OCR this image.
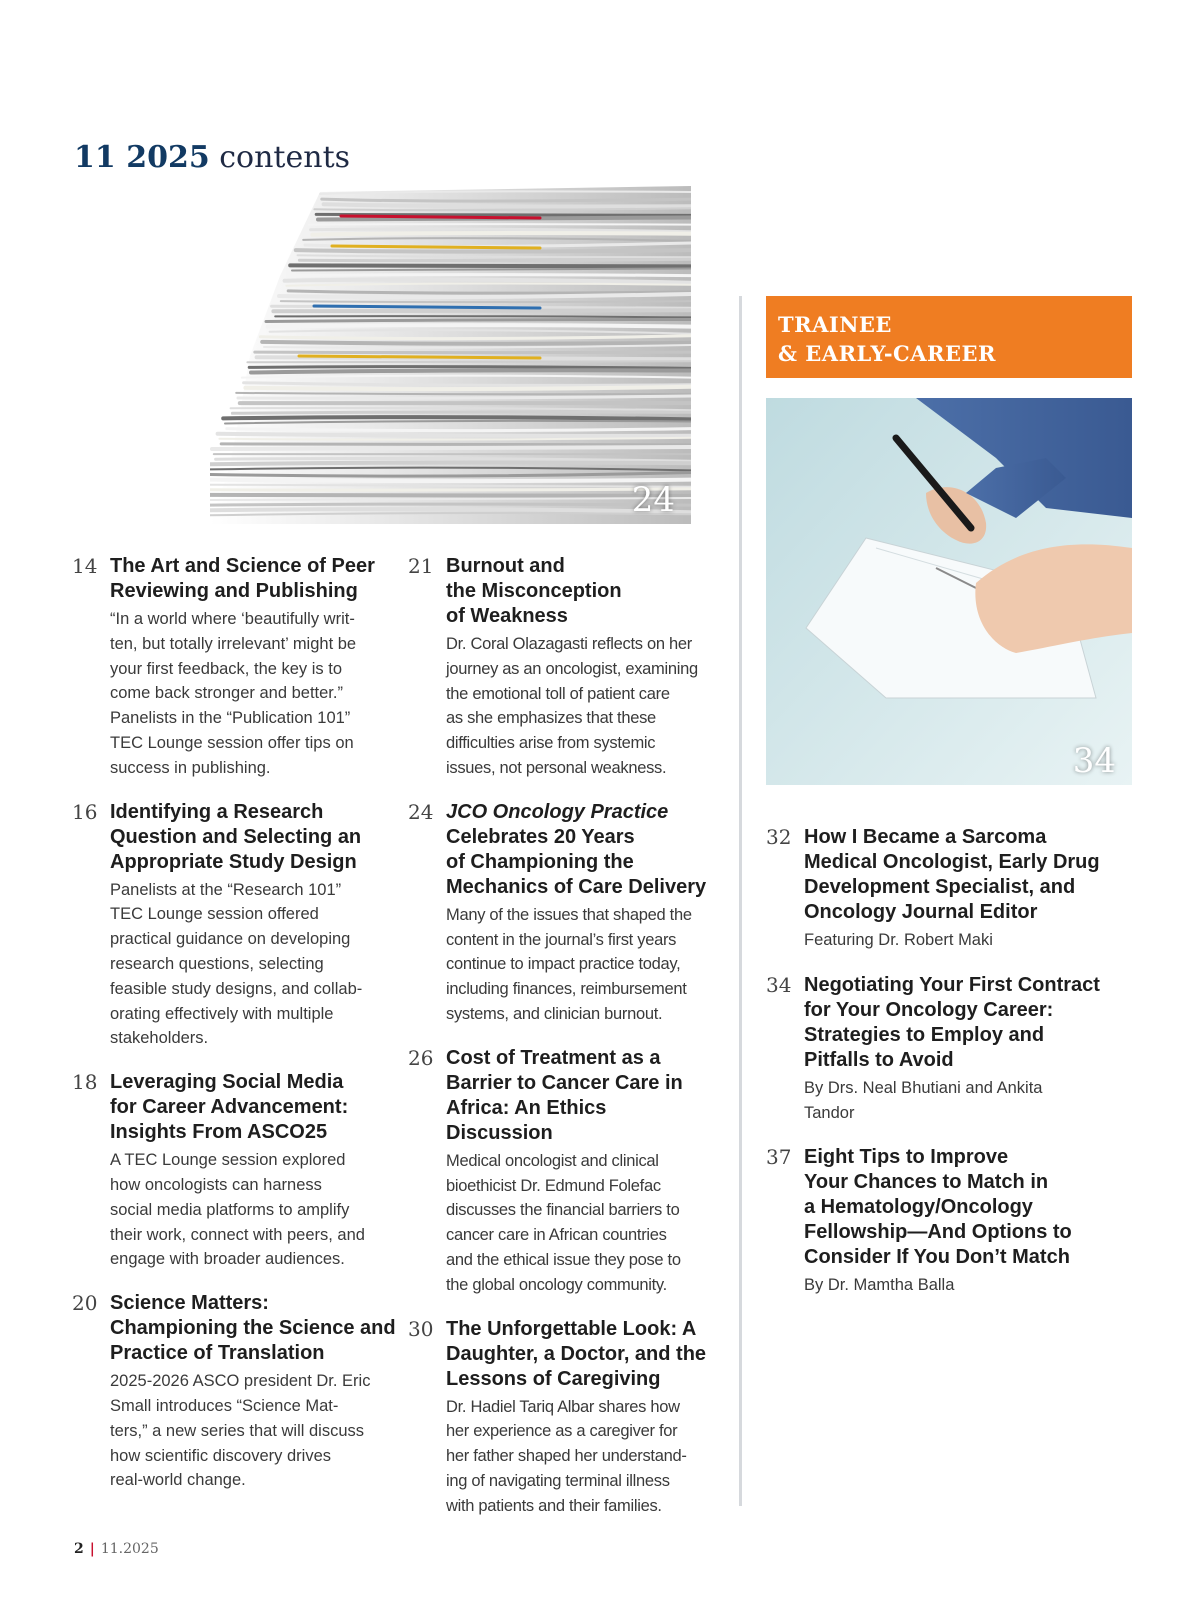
11 2025 contents
24
14 The Art and Science of Peer
Reviewing and Publishing
“In a world where ‘beautifully writ-
ten, but totally irrelevant’ might be
your first feedback, the key is to
come back stronger and better.”
Panelists in the “Publication 101”
TEC Lounge session offer tips on
success in publishing.
16 Identifying a Research
Question and Selecting an
Appropriate Study Design
Panelists at the “Research 101”
TEC Lounge session offered
practical guidance on developing
research questions, selecting
feasible study designs, and collab-
orating effectively with multiple
stakeholders.
18 Leveraging Social Media
for Career Advancement:
Insights From ASCO25
A TEC Lounge session explored
how oncologists can harness
social media platforms to amplify
their work, connect with peers, and
engage with broader audiences.
20 Science Matters:
Championing the Science and
Practice of Translation
2025-2026 ASCO president Dr. Eric
Small introduces “Science Mat-
ters,” a new series that will discuss
how scientific discovery drives
real-world change.
21 Burnout and
the Misconception
of Weakness
Dr. Coral Olazagasti reflects on her
journey as an oncologist, examining
the emotional toll of patient care
as she emphasizes that these
difficulties arise from systemic
issues, not personal weakness.
24 JCO Oncology Practice
Celebrates 20 Years
of Championing the
Mechanics of Care Delivery
Many of the issues that shaped the
content in the journal’s first years
continue to impact practice today,
including finances, reimbursement
systems, and clinician burnout.
26 Cost of Treatment as a
Barrier to Cancer Care in
Africa: An Ethics Discussion
Medical oncologist and clinical
bioethicist Dr. Edmund Folefac
discusses the financial barriers to
cancer care in African countries
and the ethical issue they pose to
the global oncology community.
30 The Unforgettable Look: A
Daughter, a Doctor, and the
Lessons of Caregiving
Dr. Hadiel Tariq Albar shares how
her experience as a caregiver for
her father shaped her understand-
ing of navigating terminal illness
with patients and their families.
TRAINEE
& EARLY-CAREER
34
32 How I Became a Sarcoma
Medical Oncologist, Early Drug
Development Specialist, and
Oncology Journal Editor
Featuring Dr. Robert Maki
34 Negotiating Your First Contract
for Your Oncology Career:
Strategies to Employ and
Pitfalls to Avoid
By Drs. Neal Bhutiani and Ankita
Tandor
37 Eight Tips to Improve
Your Chances to Match in
a Hematology/Oncology
Fellowship—And Options to
Consider If You Don’t Match
By Dr. Mamtha Balla
2 | 11.2025
